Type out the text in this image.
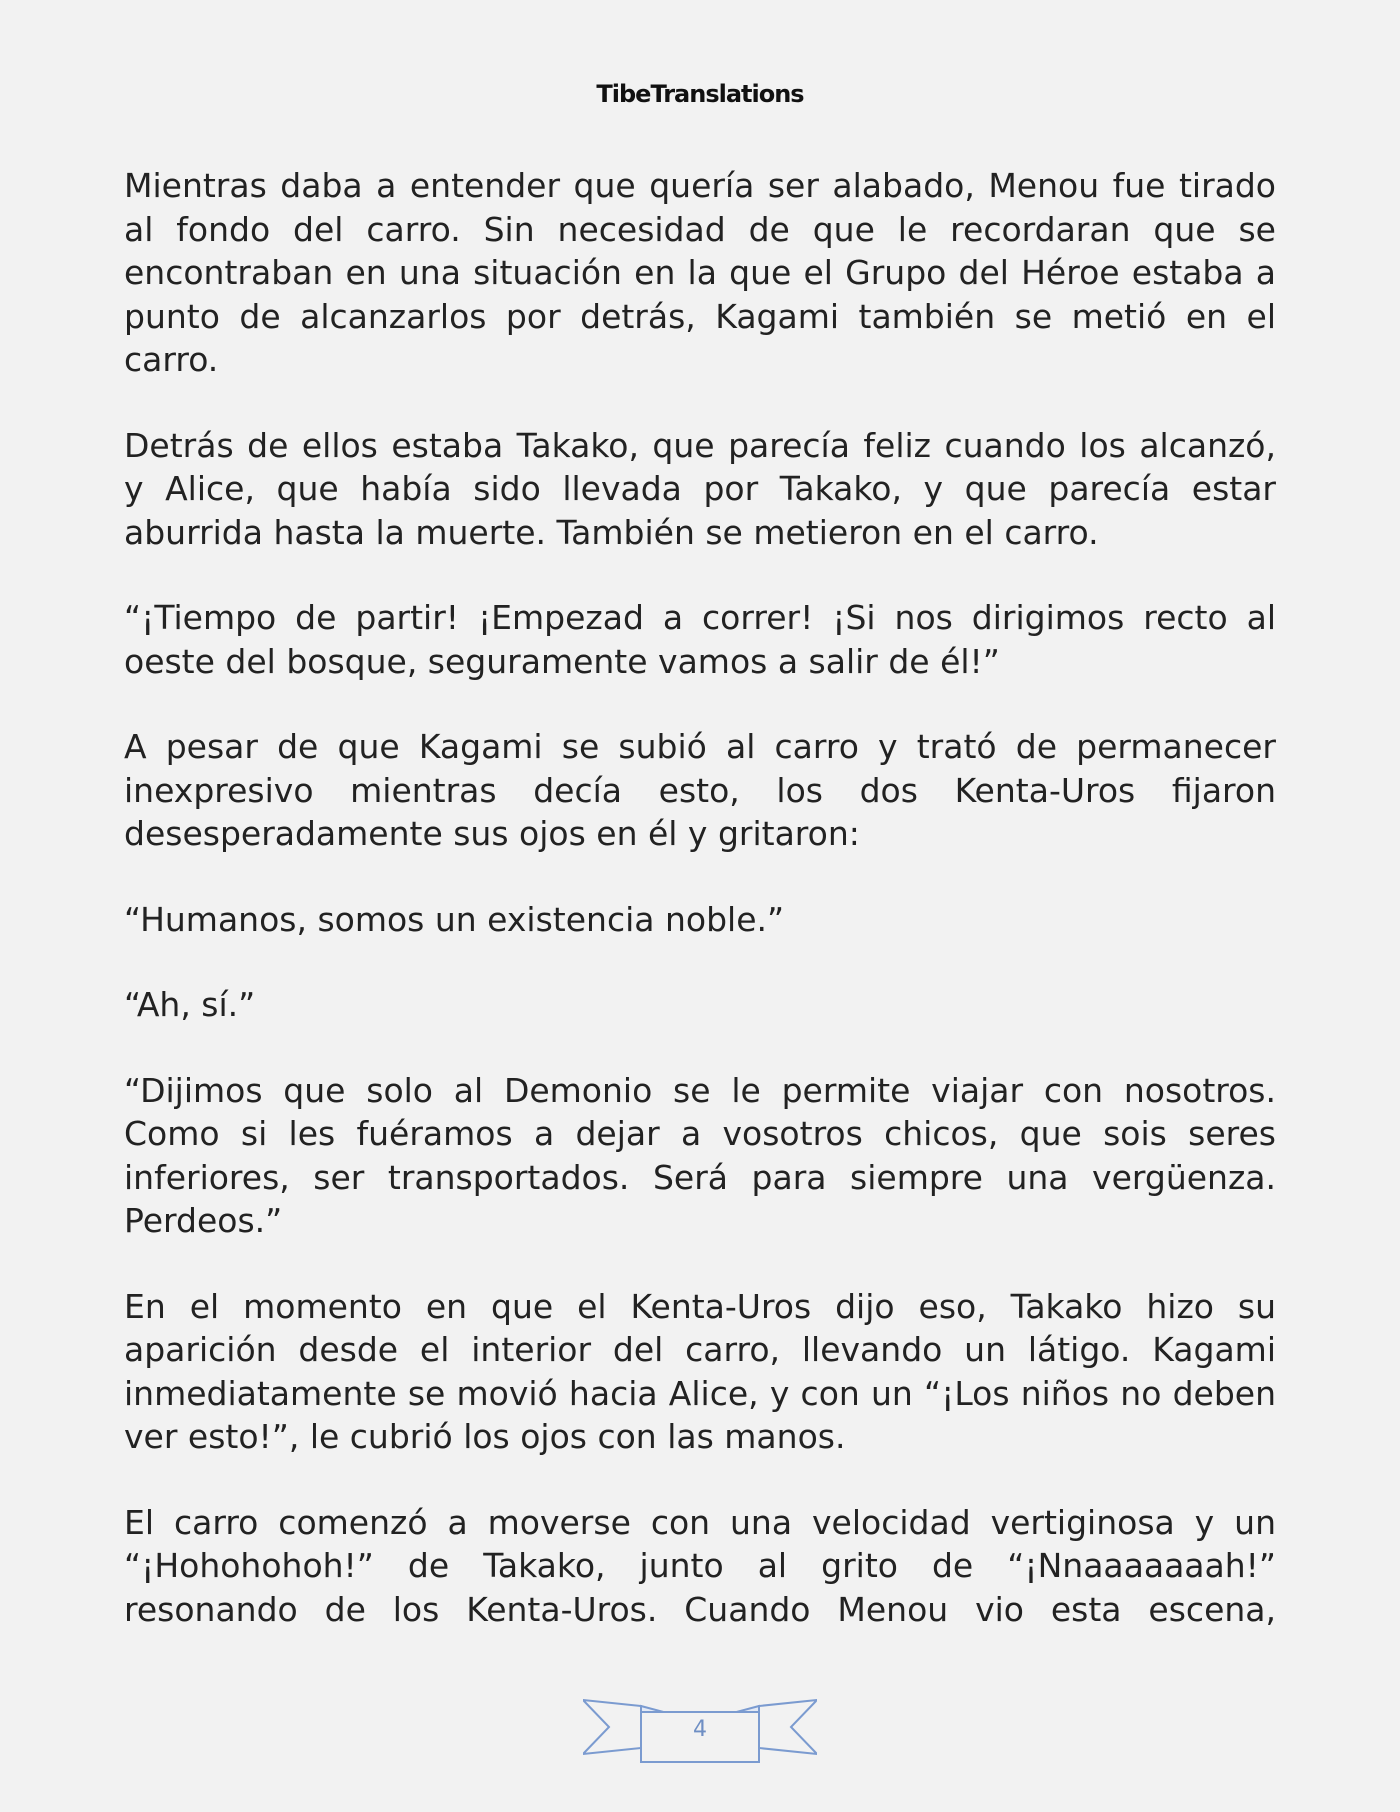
TibeTranslations

Mientras daba a entender que quería ser alabado, Menou fue tirado al fondo del carro. Sin necesidad de que le recordaran que se encontraban en una situación en la que el Grupo del Héroe estaba a punto de alcanzarlos por detrás, Kagami también se metió en el carro.

Detrás de ellos estaba Takako, que parecía feliz cuando los alcanzó, y Alice, que había sido llevada por Takako, y que parecía estar aburrida hasta la muerte. También se metieron en el carro.

“¡Tiempo de partir! ¡Empezad a correr! ¡Si nos dirigimos recto al oeste del bosque, seguramente vamos a salir de él!”

A pesar de que Kagami se subió al carro y trató de permanecer inexpresivo mientras decía esto, los dos Kenta-Uros fijaron desesperadamente sus ojos en él y gritaron:

“Humanos, somos un existencia noble.”

“Ah, sí.”

“Dijimos que solo al Demonio se le permite viajar con nosotros. Como si les fuéramos a dejar a vosotros chicos, que sois seres inferiores, ser transportados. Será para siempre una vergüenza. Perdeos.”

En el momento en que el Kenta-Uros dijo eso, Takako hizo su aparición desde el interior del carro, llevando un látigo. Kagami inmediatamente se movió hacia Alice, y con un “¡Los niños no deben ver esto!”, le cubrió los ojos con las manos.

El carro comenzó a moverse con una velocidad vertiginosa y un “¡Hohohohoh!” de Takako, junto al grito de “¡Nnaaaaaaah!” resonando de los Kenta-Uros. Cuando Menou vio esta escena,

4
